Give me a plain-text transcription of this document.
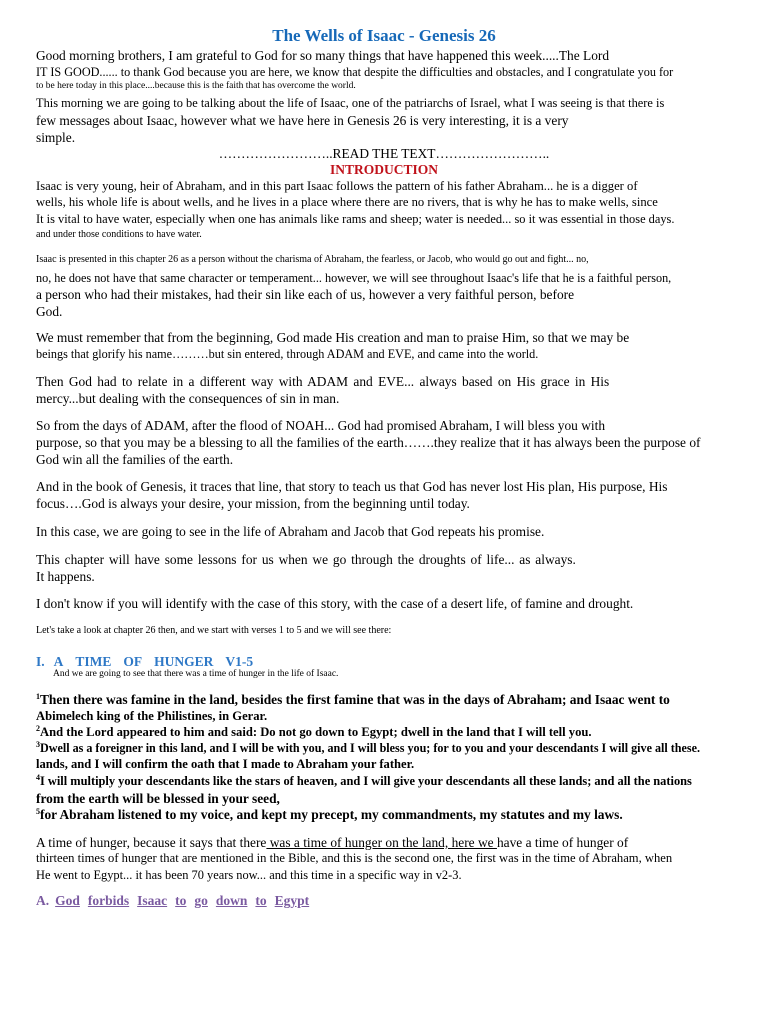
The Wells of Isaac - Genesis 26
Good morning brothers, I am grateful to God for so many things that have happened this week.....The Lord
IT IS GOOD...... to thank God because you are here, we know that despite the difficulties and obstacles, and I congratulate you for
to be here today in this place....because this is the faith that has overcome the world.
This morning we are going to be talking about the life of Isaac, one of the patriarchs of Israel, what I was seeing is that there is
few messages about Isaac, however what we have here in Genesis 26 is very interesting, it is a very
simple.
……………………..READ THE TEXT……………………..
INTRODUCTION
Isaac is very young, heir of Abraham, and in this part Isaac follows the pattern of his father Abraham... he is a digger of
wells, his whole life is about wells, and he lives in a place where there are no rivers, that is why he has to make wells, since
It is vital to have water, especially when one has animals like rams and sheep; water is needed... so it was essential in those days.
and under those conditions to have water.
Isaac is presented in this chapter 26 as a person without the charisma of Abraham, the fearless, or Jacob, who would go out and fight... no,
no, he does not have that same character or temperament... however, we will see throughout Isaac's life that he is a faithful person,
a person who had their mistakes, had their sin like each of us, however a very faithful person, before
God.
We must remember that from the beginning, God made His creation and man to praise Him, so that we may be
beings that glorify his name………but sin entered, through ADAM and EVE, and came into the world.
Then God had to relate in a different way with ADAM and EVE... always based on His grace in His
mercy...but dealing with the consequences of sin in man.
So from the days of ADAM, after the flood of NOAH... God had promised Abraham, I will bless you with
purpose, so that you may be a blessing to all the families of the earth…….they realize that it has always been the purpose of
God win all the families of the earth.
And in the book of Genesis, it traces that line, that story to teach us that God has never lost His plan, His purpose, His
focus….God is always your desire, your mission, from the beginning until today.
In this case, we are going to see in the life of Abraham and Jacob that God repeats his promise.
This chapter will have some lessons for us when we go through the droughts of life... as always.
It happens.
I don't know if you will identify with the case of this story, with the case of a desert life, of famine and drought.
Let's take a look at chapter 26 then, and we start with verses 1 to 5 and we will see there:
I. A TIME OF HUNGER V1-5
And we are going to see that there was a time of hunger in the life of Isaac.
$^1$Then there was famine in the land, besides the first famine that was in the days of Abraham; and Isaac went to
Abimelech king of the Philistines, in Gerar.
$^2$And the Lord appeared to him and said: Do not go down to Egypt; dwell in the land that I will tell you.
$^3$Dwell as a foreigner in this land, and I will be with you, and I will bless you; for to you and your descendants I will give all these.
lands, and I will confirm the oath that I made to Abraham your father.
$^4$I will multiply your descendants like the stars of heaven, and I will give your descendants all these lands; and all the nations
from the earth will be blessed in your seed,
$^5$for Abraham listened to my voice, and kept my precept, my commandments, my statutes and my laws.
A time of hunger, because it says that there was a time of hunger on the land, here we have a time of hunger of
thirteen times of hunger that are mentioned in the Bible, and this is the second one, the first was in the time of Abraham, when
He went to Egypt... it has been 70 years now... and this time in a specific way in v2-3.
A. God forbids Isaac to go down to Egypt
